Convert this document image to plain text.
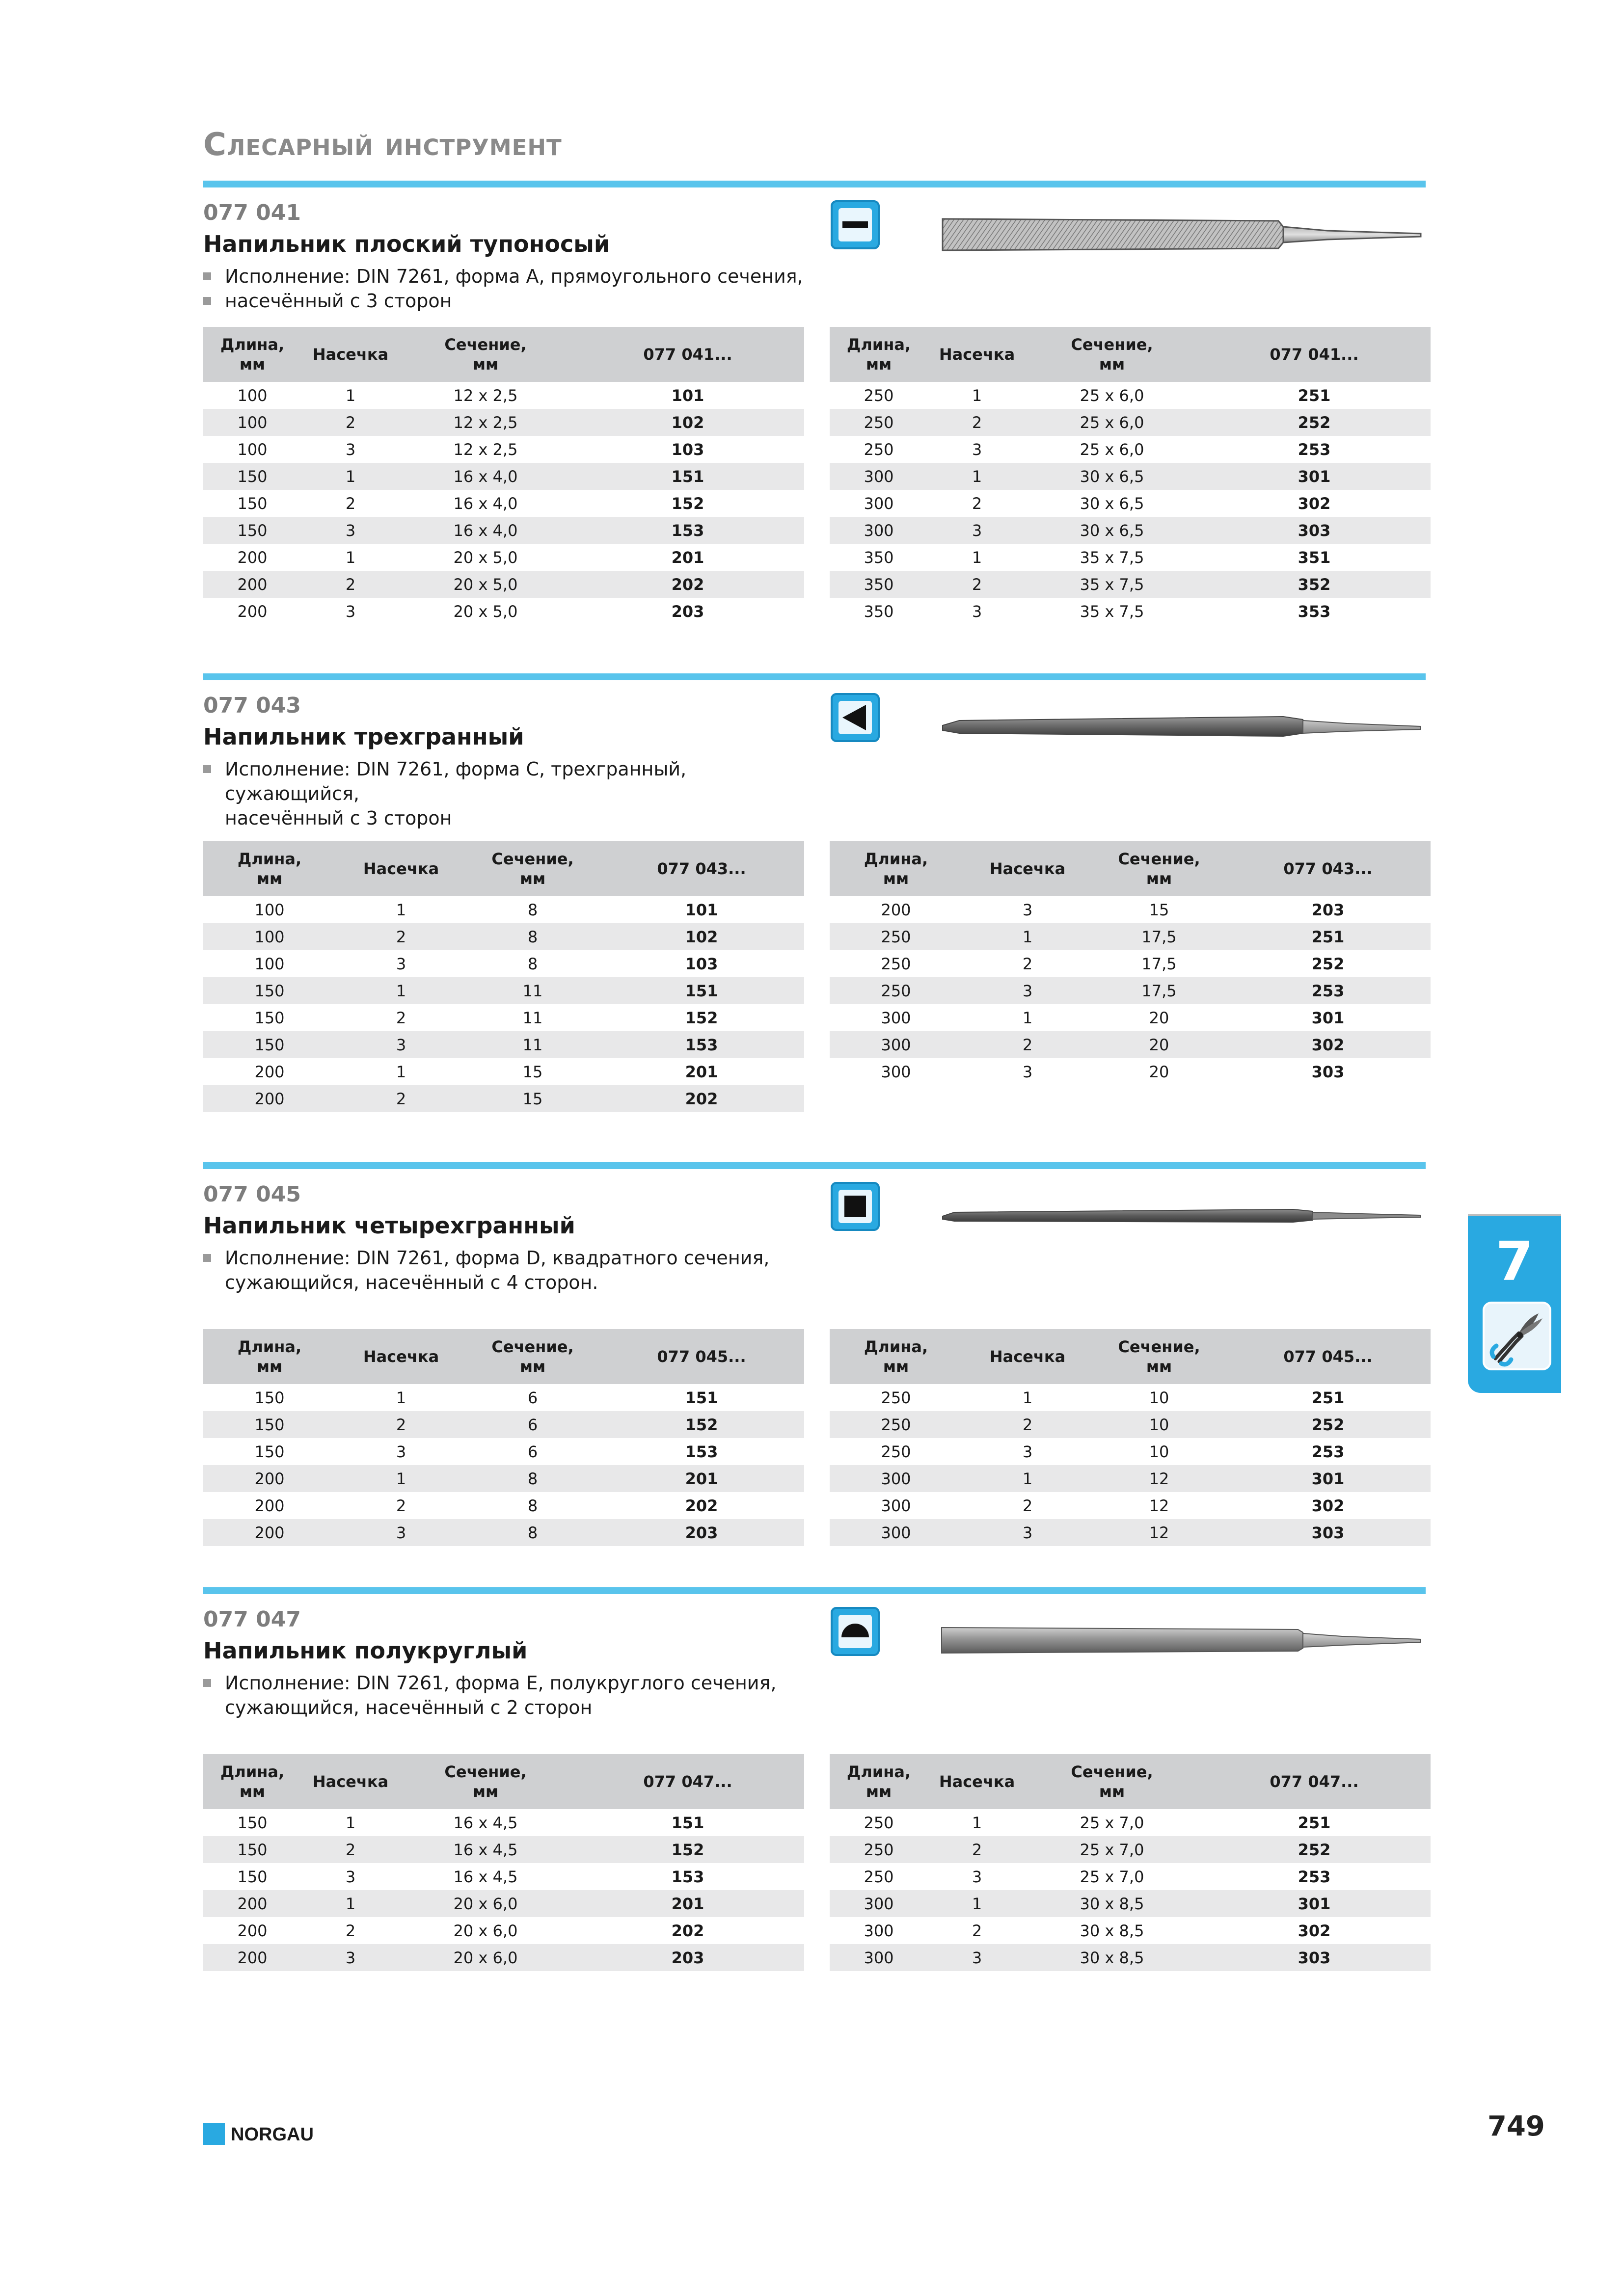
Слесарный инструмент
077 041
Напильник плоский тупоносый
Исполнение: DIN 7261, форма А, прямоугольного сечения,
насечённый с 3 сторон
Длина,
мм	Насечка	Сечение,
мм	077 041...
100	1	12 x 2,5	101
100	2	12 x 2,5	102
100	3	12 x 2,5	103
150	1	16 x 4,0	151
150	2	16 x 4,0	152
150	3	16 x 4,0	153
200	1	20 x 5,0	201
200	2	20 x 5,0	202
200	3	20 x 5,0	203
Длина,
мм	Насечка	Сечение,
мм	077 041...
250	1	25 x 6,0	251
250	2	25 x 6,0	252
250	3	25 x 6,0	253
300	1	30 x 6,5	301
300	2	30 x 6,5	302
300	3	30 x 6,5	303
350	1	35 x 7,5	351
350	2	35 x 7,5	352
350	3	35 x 7,5	353
077 043
Напильник трехгранный
Исполнение: DIN 7261, форма С, трехгранный, сужающийся,
насечённый с 3 сторон
Длина,
мм	Насечка	Сечение,
мм	077 043...
100	1	8	101
100	2	8	102
100	3	8	103
150	1	11	151
150	2	11	152
150	3	11	153
200	1	15	201
200	2	15	202
Длина,
мм	Насечка	Сечение,
мм	077 043...
200	3	15	203
250	1	17,5	251
250	2	17,5	252
250	3	17,5	253
300	1	20	301
300	2	20	302
300	3	20	303
077 045
Напильник четырехгранный
Исполнение: DIN 7261, форма D, квадратного сечения,
сужающийся, насечённый с 4 сторон.
Длина,
мм	Насечка	Сечение,
мм	077 045...
150	1	6	151
150	2	6	152
150	3	6	153
200	1	8	201
200	2	8	202
200	3	8	203
Длина,
мм	Насечка	Сечение,
мм	077 045...
250	1	10	251
250	2	10	252
250	3	10	253
300	1	12	301
300	2	12	302
300	3	12	303
077 047
Напильник полукруглый
Исполнение: DIN 7261, форма Е, полукруглого сечения,
сужающийся, насечённый с 2 сторон
Длина,
мм	Насечка	Сечение,
мм	077 047...
150	1	16 x 4,5	151
150	2	16 x 4,5	152
150	3	16 x 4,5	153
200	1	20 x 6,0	201
200	2	20 x 6,0	202
200	3	20 x 6,0	203
Длина,
мм	Насечка	Сечение,
мм	077 047...
250	1	25 x 7,0	251
250	2	25 x 7,0	252
250	3	25 x 7,0	253
300	1	30 x 8,5	301
300	2	30 x 8,5	302
300	3	30 x 8,5	303
7
NORGAU	749
